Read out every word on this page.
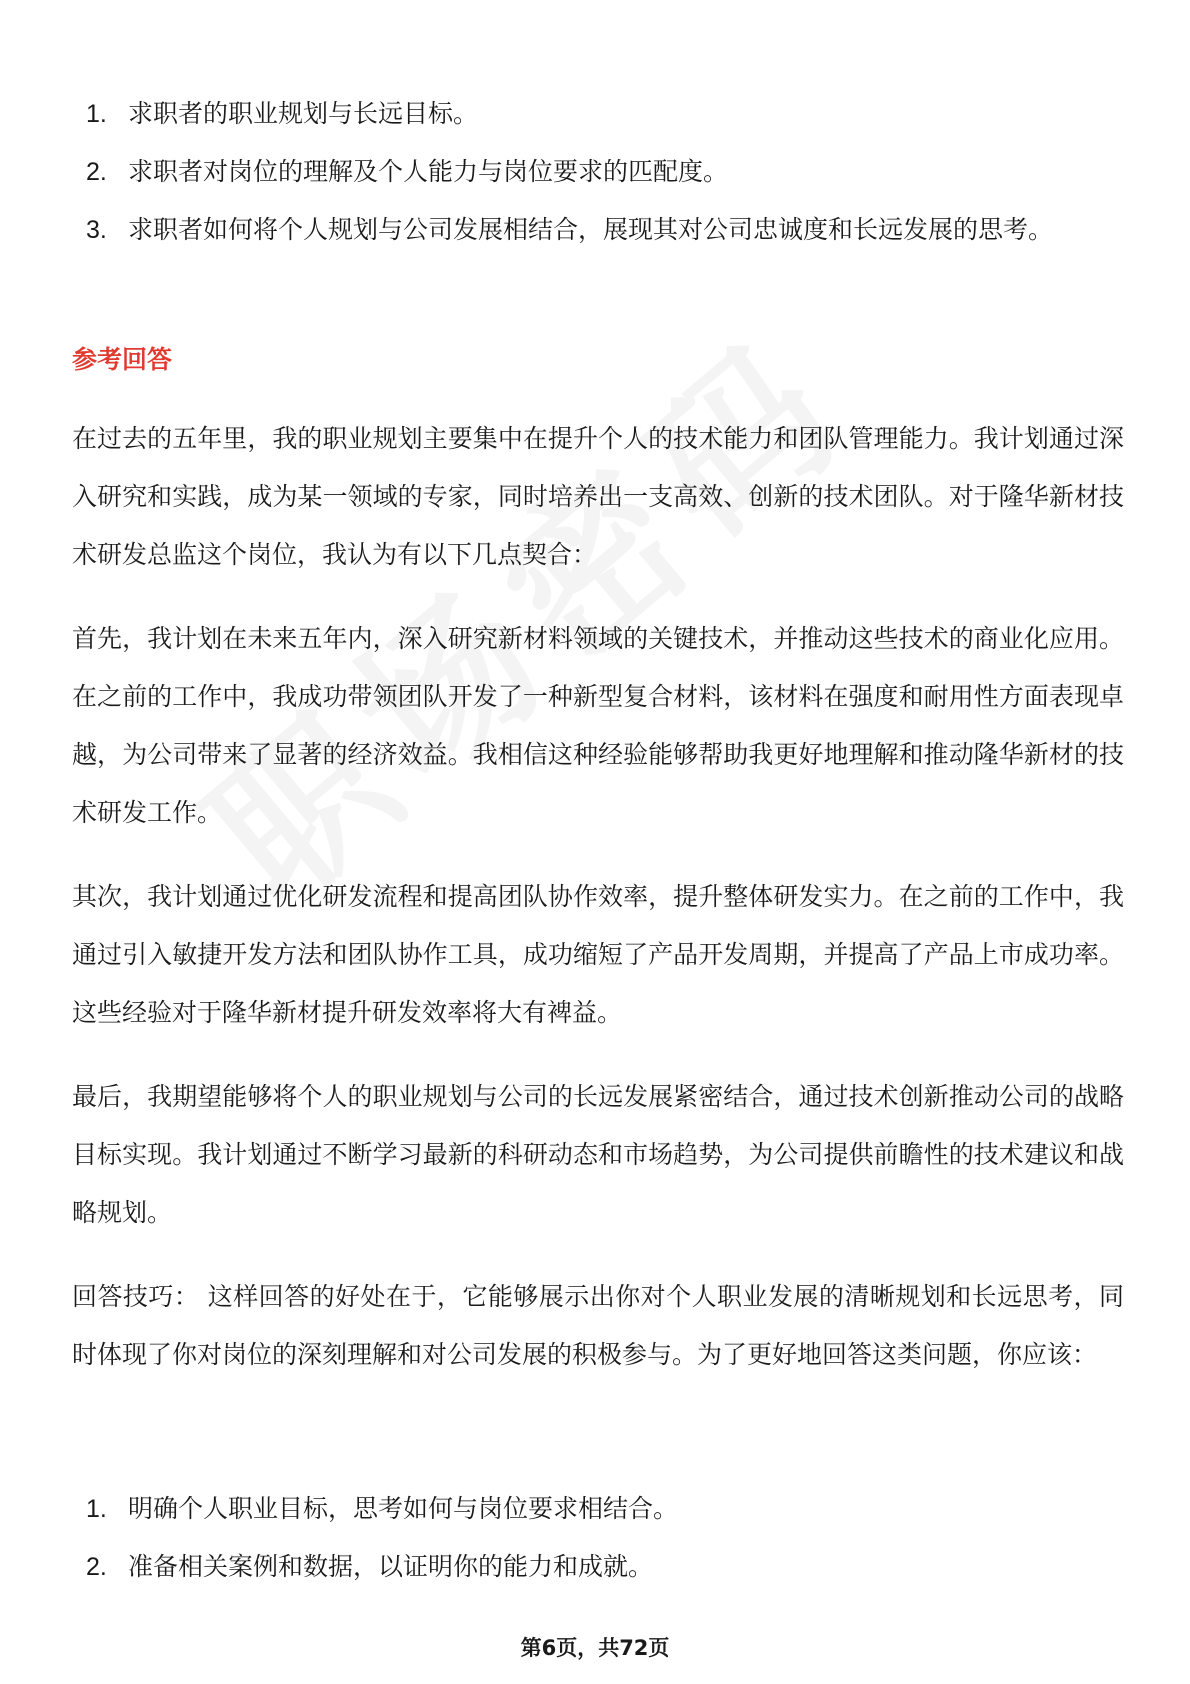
1. 求职者的职业规划与长远目标。
2. 求职者对岗位的理解及个人能力与岗位要求的匹配度。
3. 求职者如何将个人规划与公司发展相结合，展现其对公司忠诚度和长远发展的思考。
参考回答

在过去的五年里，我的职业规划主要集中在提升个人的技术能力和团队管理能力。我计划通过深入研究和实践，成为某一领域的专家，同时培养出一支高效、创新的技术团队。对于隆华新材技术研发总监这个岗位，我认为有以下几点契合：

首先，我计划在未来五年内，深入研究新材料领域的关键技术，并推动这些技术的商业化应用。在之前的工作中，我成功带领团队开发了一种新型复合材料，该材料在强度和耐用性方面表现卓越，为公司带来了显著的经济效益。我相信这种经验能够帮助我更好地理解和推动隆华新材的技术研发工作。

其次，我计划通过优化研发流程和提高团队协作效率，提升整体研发实力。在之前的工作中，我通过引入敏捷开发方法和团队协作工具，成功缩短了产品开发周期，并提高了产品上市成功率。这些经验对于隆华新材提升研发效率将大有裨益。

最后，我期望能够将个人的职业规划与公司的长远发展紧密结合，通过技术创新推动公司的战略目标实现。我计划通过不断学习最新的科研动态和市场趋势，为公司提供前瞻性的技术建议和战略规划。

回答技巧： 这样回答的好处在于，它能够展示出你对个人职业发展的清晰规划和长远思考，同时体现了你对岗位的深刻理解和对公司发展的积极参与。为了更好地回答这类问题，你应该：

1. 明确个人职业目标，思考如何与岗位要求相结合。
2. 准备相关案例和数据，以证明你的能力和成就。
第6页，共72页
